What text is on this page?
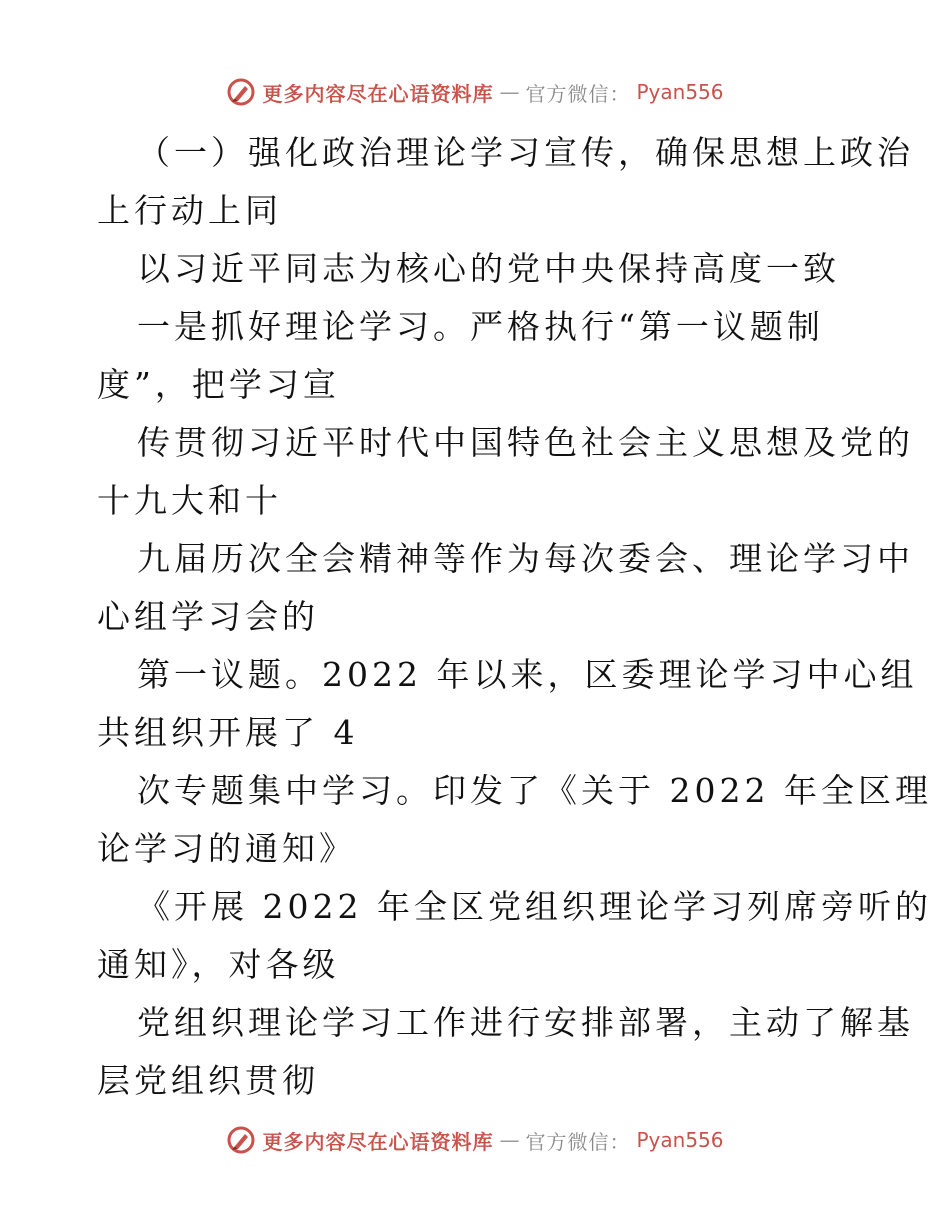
更多内容尽在心语资料库 — 官方微信： Pyan556
（一）强化政治理论学习宣传，确保思想上政治
上行动上同
以习近平同志为核心的党中央保持高度一致
一是抓好理论学习。严格执行“第一议题制
度”，把学习宣
传贯彻习近平时代中国特色社会主义思想及党的
十九大和十
九届历次全会精神等作为每次委会、理论学习中
心组学习会的
第一议题。2022 年以来，区委理论学习中心组
共组织开展了 4
次专题集中学习。印发了《关于 2022 年全区理
论学习的通知》
《开展 2022 年全区党组织理论学习列席旁听的
通知》，对各级
党组织理论学习工作进行安排部署，主动了解基
层党组织贯彻
更多内容尽在心语资料库 — 官方微信： Pyan556
